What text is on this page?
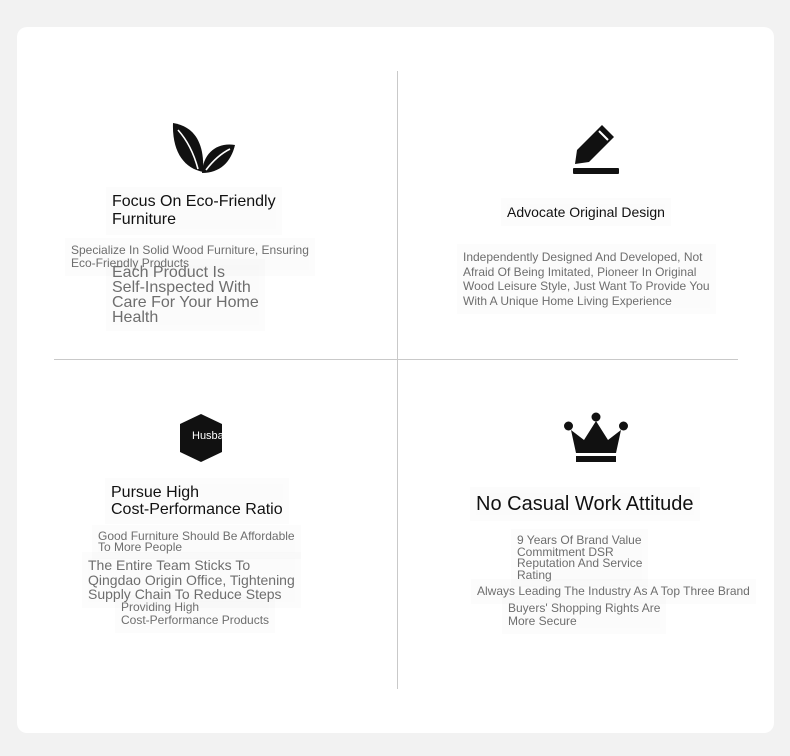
Focus On Eco-Friendly
Furniture
Specialize In Solid Wood Furniture, Ensuring
Eco-Friendly Products
Each Product Is
Self-Inspected With
Care For Your Home
Health
Advocate Original Design
Independently Designed And Developed, Not
Afraid Of Being Imitated, Pioneer In Original
Wood Leisure Style, Just Want To Provide You
With A Unique Home Living Experience
Husband
Pursue High
Cost-Performance Ratio
Good Furniture Should Be Affordable
To More People
The Entire Team Sticks To
Qingdao Origin Office, Tightening
Supply Chain To Reduce Steps
Providing High
Cost-Performance Products
No Casual Work Attitude
9 Years Of Brand Value
Commitment DSR
Reputation And Service
Rating
Always Leading The Industry As A Top Three Brand
Buyers' Shopping Rights Are
More Secure
